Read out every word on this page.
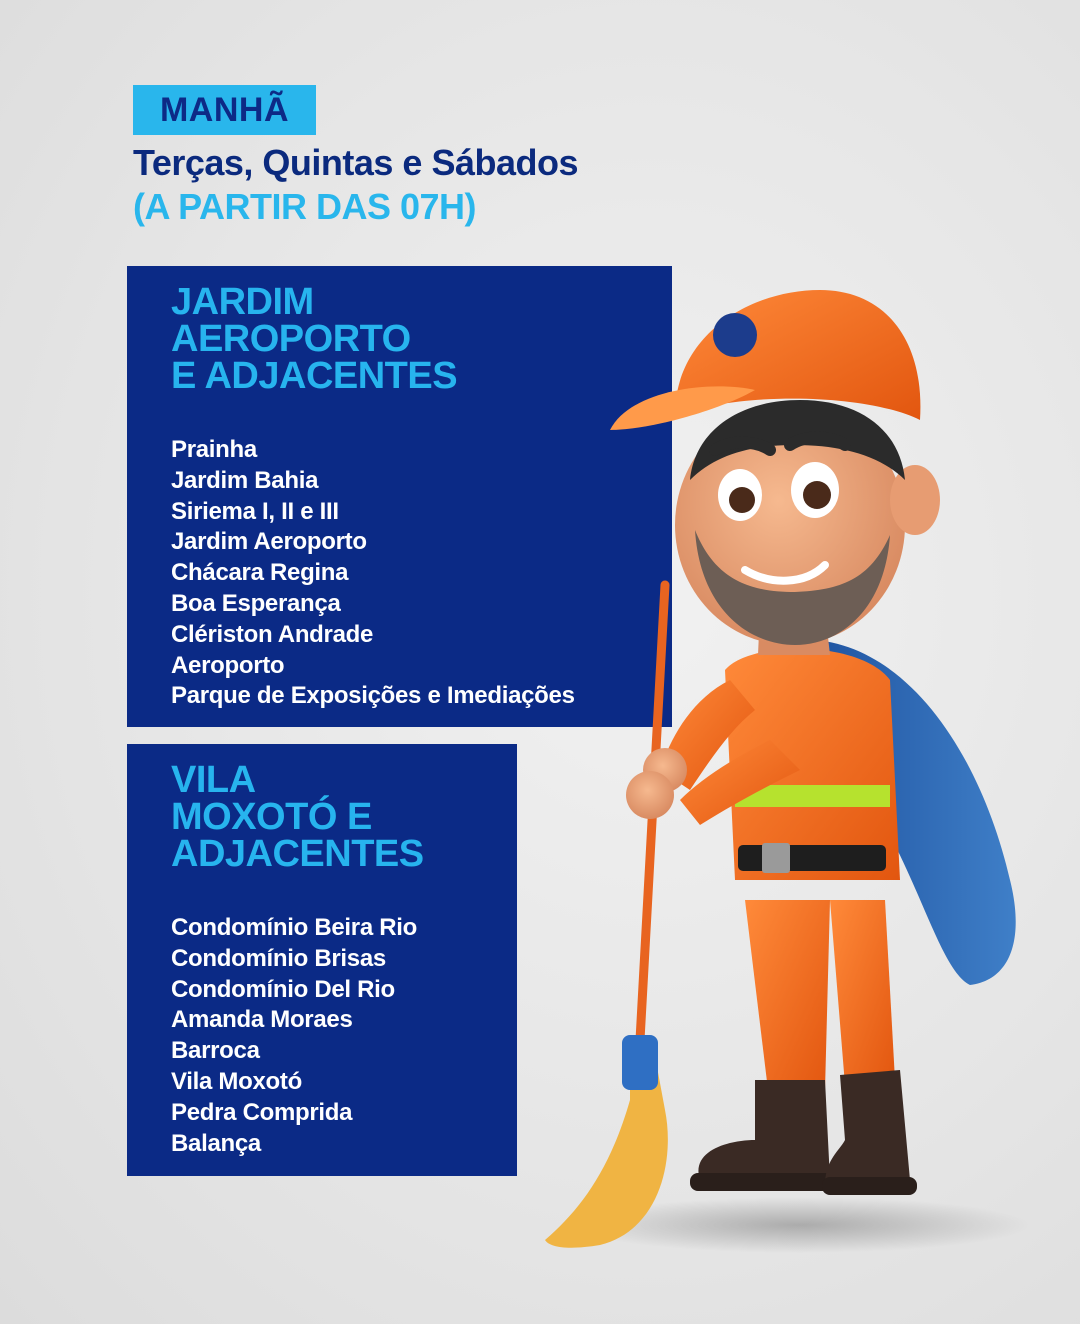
MANHÃ
Terças, Quintas e Sábados
(A PARTIR DAS 07H)
JARDIM
AEROPORTO
E ADJACENTES
Prainha
Jardim Bahia
Siriema I, II e III
Jardim Aeroporto
Chácara Regina
Boa Esperança
Clériston Andrade
Aeroporto
Parque de Exposições e Imediações
VILA
MOXOTÓ E
ADJACENTES
Condomínio Beira Rio
Condomínio Brisas
Condomínio Del Rio
Amanda Moraes
Barroca
Vila Moxotó
Pedra Comprida
Balança
